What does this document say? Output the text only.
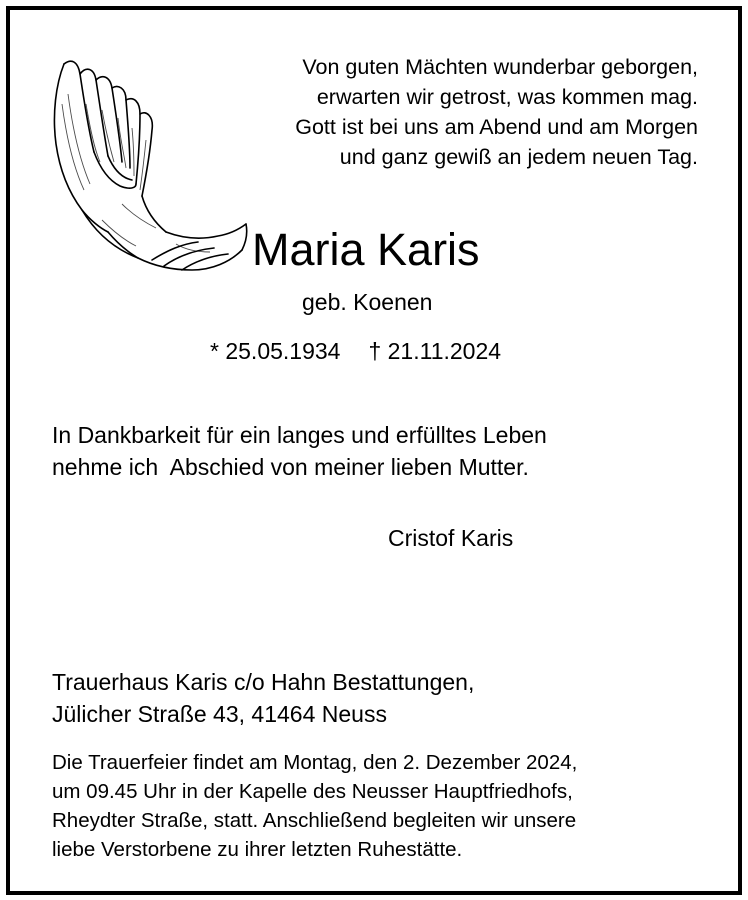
Von guten Mächten wunderbar geborgen,
erwarten wir getrost, was kommen mag.
Gott ist bei uns am Abend und am Morgen
und ganz gewiß an jedem neuen Tag.
Maria Karis
geb. Koenen
* 25.05.1934 † 21.11.2024
In Dankbarkeit für ein langes und erfülltes Leben
nehme ich  Abschied von meiner lieben Mutter.
Cristof Karis
Trauerhaus Karis c/o Hahn Bestattungen,
Jülicher Straße 43, 41464 Neuss
Die Trauerfeier findet am Montag, den 2. Dezember 2024,
um 09.45 Uhr in der Kapelle des Neusser Hauptfriedhofs,
Rheydter Straße, statt. Anschließend begleiten wir unsere
liebe Verstorbene zu ihrer letzten Ruhestätte.
